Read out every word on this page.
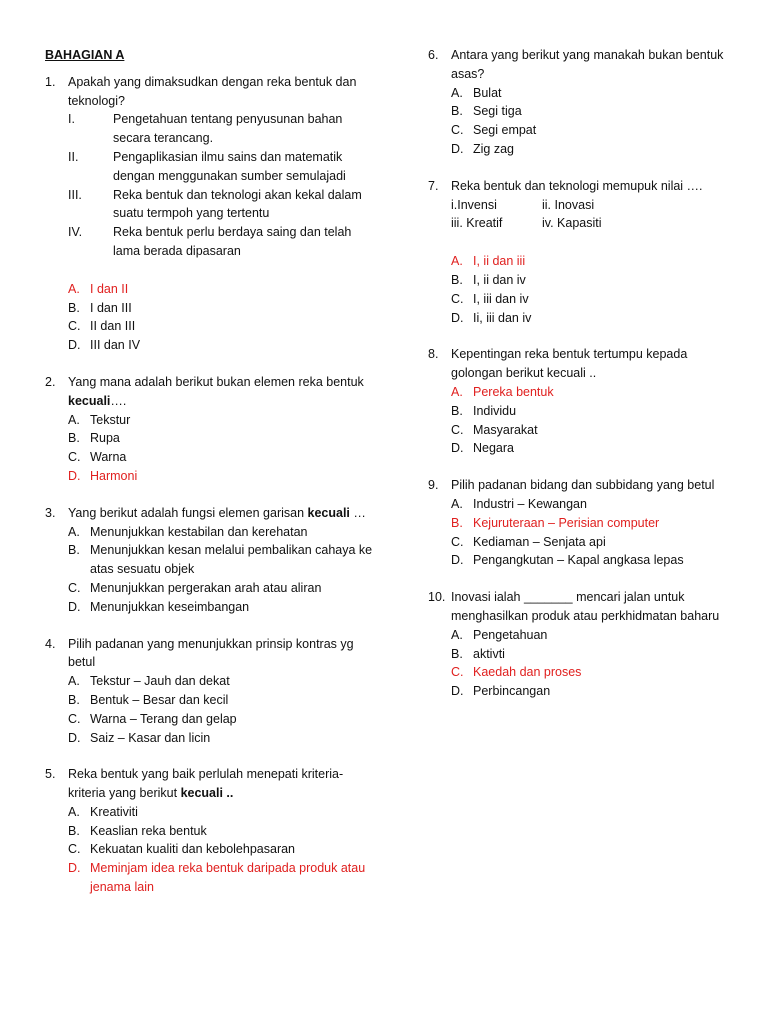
BAHAGIAN A
1.	Apakah yang dimaksudkan dengan reka bentuk dan teknologi?
I.	Pengetahuan tentang penyusunan bahan secara terancang.
II.	Pengaplikasian ilmu sains dan matematik dengan menggunakan sumber semulajadi
III.	Reka bentuk dan teknologi akan kekal dalam suatu termpoh yang tertentu
IV.	Reka bentuk perlu berdaya saing dan telah lama berada dipasaran
A. I dan II
B. I dan III
C. II dan III
D. III dan IV
2.	Yang mana adalah berikut bukan elemen reka bentuk kecuali….
A. Tekstur
B. Rupa
C. Warna
D. Harmoni
3.	Yang berikut adalah fungsi elemen garisan kecuali …
A. Menunjukkan kestabilan dan kerehatan
B. Menunjukkan kesan melalui pembalikan cahaya ke atas sesuatu objek
C. Menunjukkan pergerakan arah atau aliran
D. Menunjukkan keseimbangan
4.	Pilih padanan yang menunjukkan prinsip kontras yg betul
A. Tekstur – Jauh dan dekat
B. Bentuk – Besar dan kecil
C. Warna – Terang dan gelap
D. Saiz – Kasar dan licin
5.	Reka bentuk yang baik perlulah menepati kriteria-kriteria yang berikut kecuali ..
A. Kreativiti
B. Keaslian reka bentuk
C. Kekuatan kualiti dan kebolehpasaran
D. Meminjam idea reka bentuk daripada produk atau jenama lain
6.	Antara yang berikut yang manakah bukan bentuk asas?
A. Bulat
B. Segi tiga
C. Segi empat
D. Zig zag
7.	Reka bentuk dan teknologi memupuk nilai ….
i.Invensi	ii. Inovasi
iii. Kreatif	iv. Kapasiti
A. I, ii dan iii
B. I, ii dan iv
C. I, iii dan iv
D. Ii, iii dan iv
8.	Kepentingan reka bentuk tertumpu kepada golongan berikut kecuali ..
A. Pereka bentuk
B. Individu
C. Masyarakat
D. Negara
9.	Pilih padanan bidang dan subbidang yang betul
A. Industri – Kewangan
B. Kejuruteraan – Perisian computer
C. Kediaman – Senjata api
D. Pengangkutan – Kapal angkasa lepas
10. Inovasi ialah _______ mencari jalan untuk menghasilkan produk atau perkhidmatan baharu
A. Pengetahuan
B. aktivti
C. Kaedah dan proses
D. Perbincangan
